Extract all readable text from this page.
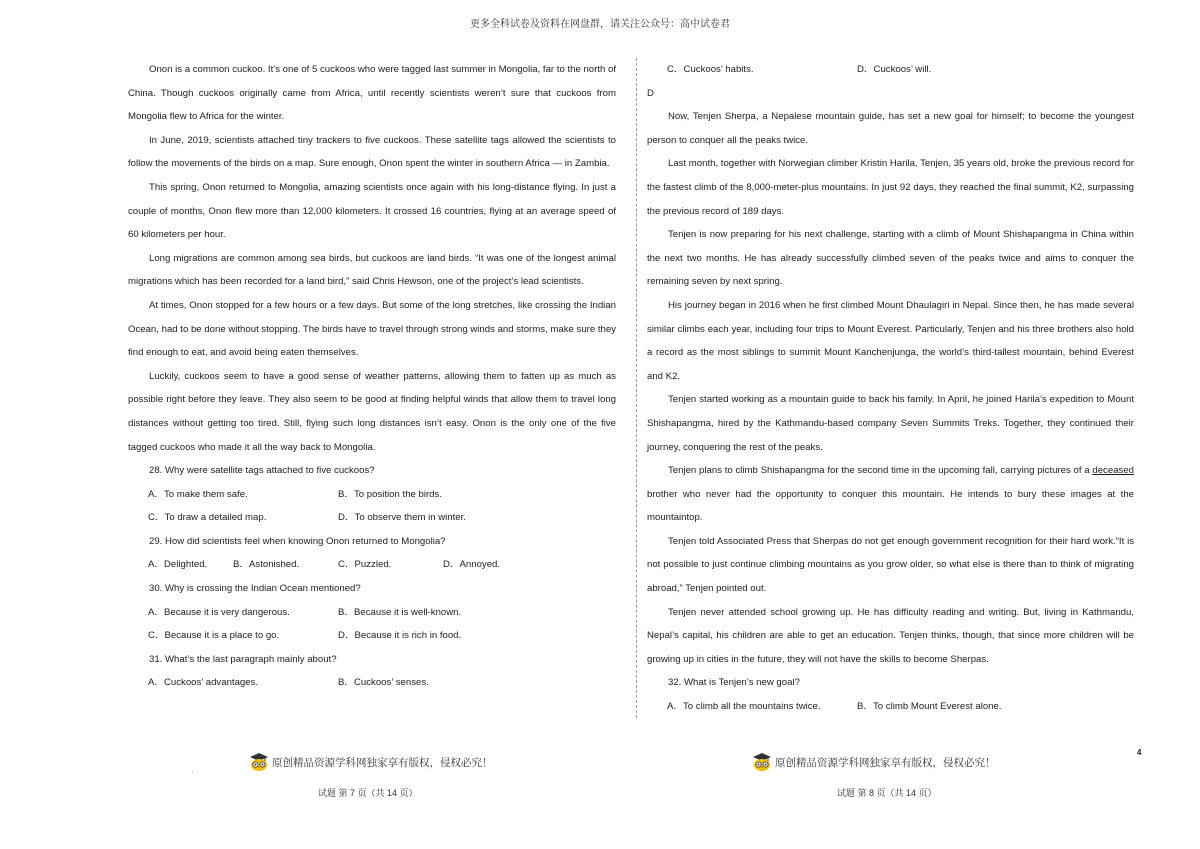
更多全科试卷及资料在网盘群，请关注公众号：高中试卷君

Onon is a common cuckoo. It’s one of 5 cuckoos who were tagged last summer in Mongolia, far to the north of China. Though cuckoos originally came from Africa, until recently scientists weren’t sure that cuckoos from Mongolia flew to Africa for the winter.

In June, 2019, scientists attached tiny trackers to five cuckoos. These satellite tags allowed the scientists to follow the movements of the birds on a map. Sure enough, Onon spent the winter in southern Africa — in Zambia.

This spring, Onon returned to Mongolia, amazing scientists once again with his long-distance flying. In just a couple of months, Onon flew more than 12,000 kilometers. It crossed 16 countries, flying at an average speed of 60 kilometers per hour.

Long migrations are common among sea birds, but cuckoos are land birds. “It was one of the longest animal migrations which has been recorded for a land bird,” said Chris Hewson, one of the project’s lead scientists.

At times, Onon stopped for a few hours or a few days. But some of the long stretches, like crossing the Indian Ocean, had to be done without stopping. The birds have to travel through strong winds and storms, make sure they find enough to eat, and avoid being eaten themselves.

Luckily, cuckoos seem to have a good sense of weather patterns, allowing them to fatten up as much as possible right before they leave. They also seem to be good at finding helpful winds that allow them to travel long distances without getting too tired. Still, flying such long distances isn’t easy. Onon is the only one of the five tagged cuckoos who made it all the way back to Mongolia.

28. Why were satellite tags attached to five cuckoos?

A．To make them safe.	B．To position the birds.
C．To draw a detailed map.	D．To observe them in winter.

29. How did scientists feel when knowing Onon returned to Mongolia?

A．Delighted.	B．Astonished.	C．Puzzled.	D．Annoyed.

30. Why is crossing the Indian Ocean mentioned?

A．Because it is very dangerous.	B．Because it is well-known.
C．Because it is a place to go.	D．Because it is rich in food.

31. What’s the last paragraph mainly about?

A．Cuckoos’ advantages.	B．Cuckoos’ senses.
C．Cuckoos’ habits.	D．Cuckoos’ will.

D

Now, Tenjen Sherpa, a Nepalese mountain guide, has set a new goal for himself; to become the youngest person to conquer all the peaks twice.

Last month, together with Norwegian climber Kristin Harila, Tenjen, 35 years old, broke the previous record for the fastest climb of the 8,000-meter-plus mountains. In just 92 days, they reached the final summit, K2, surpassing the previous record of 189 days.

Tenjen is now preparing for his next challenge, starting with a climb of Mount Shishapangma in China within the next two months. He has already successfully climbed seven of the peaks twice and aims to conquer the remaining seven by next spring.

His journey began in 2016 when he first climbed Mount Dhaulagiri in Nepal. Since then, he has made several similar climbs each year, including four trips to Mount Everest. Particularly, Tenjen and his three brothers also hold a record as the most siblings to summit Mount Kanchenjunga, the world’s third-tallest mountain, behind Everest and K2.

Tenjen started working as a mountain guide to back his family. In April, he joined Harila’s expedition to Mount Shishapangma, hired by the Kathmandu-based company Seven Summits Treks. Together, they continued their journey, conquering the rest of the peaks.

Tenjen plans to climb Shishapangma for the second time in the upcoming fall, carrying pictures of a deceased brother who never had the opportunity to conquer this mountain. He intends to bury these images at the mountaintop.

Tenjen told Associated Press that Sherpas do not get enough government recognition for their hard work.“It is not possible to just continue climbing mountains as you grow older, so what else is there than to think of migrating abroad,” Tenjen pointed out.

Tenjen never attended school growing up. He has difficulty reading and writing. But, living in Kathmandu, Nepal’s capital, his children are able to get an education. Tenjen thinks, though, that since more children will be growing up in cities in the future, they will not have the skills to become Sherpas.

32. What is Tenjen’s new goal?

A．To climb all the mountains twice.	B．To climb Mount Everest alone.
原创精品资源学科网独家享有版权，侵权必究！	原创精品资源学科网独家享有版权，侵权必究！
'
4
试题 第 7 页（共 14 页）	试题 第 8 页（共 14 页）
